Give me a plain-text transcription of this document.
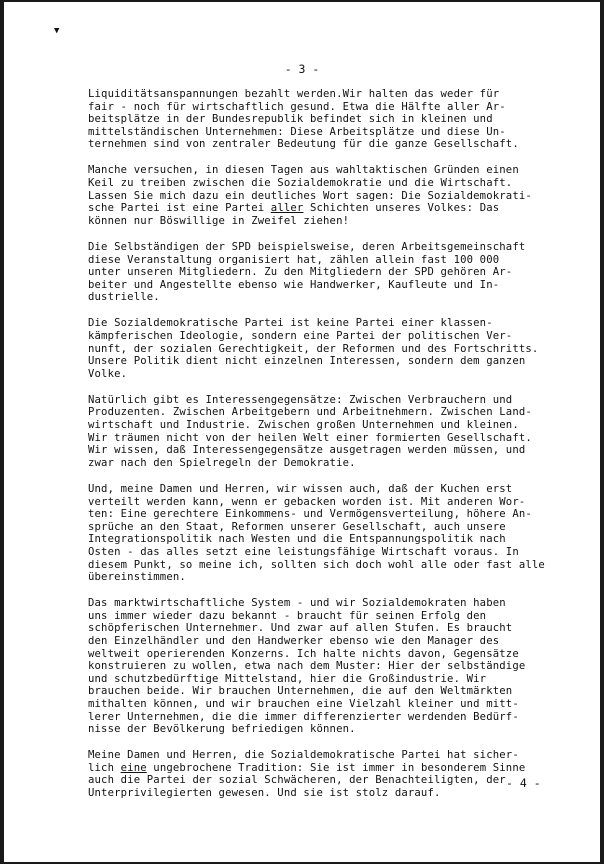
▼
- 3 -

Liquiditätsanspannungen bezahlt werden.Wir halten das weder für
fair - noch für wirtschaftlich gesund. Etwa die Hälfte aller Ar-
beitsplätze in der Bundesrepublik befindet sich in kleinen und
mittelständischen Unternehmen: Diese Arbeitsplätze und diese Un-
ternehmen sind von zentraler Bedeutung für die ganze Gesellschaft.

Manche versuchen, in diesen Tagen aus wahltaktischen Gründen einen
Keil zu treiben zwischen die Sozialdemokratie und die Wirtschaft.
Lassen Sie mich dazu ein deutliches Wort sagen: Die Sozialdemokrati-
sche Partei ist eine Partei aller Schichten unseres Volkes: Das
können nur Böswillige in Zweifel ziehen!

Die Selbständigen der SPD beispielsweise, deren Arbeitsgemeinschaft
diese Veranstaltung organisiert hat, zählen allein fast 100 000
unter unseren Mitgliedern. Zu den Mitgliedern der SPD gehören Ar-
beiter und Angestellte ebenso wie Handwerker, Kaufleute und In-
dustrielle.

Die Sozialdemokratische Partei ist keine Partei einer klassen-
kämpferischen Ideologie, sondern eine Partei der politischen Ver-
nunft, der sozialen Gerechtigkeit, der Reformen und des Fortschritts.
Unsere Politik dient nicht einzelnen Interessen, sondern dem ganzen
Volke.

Natürlich gibt es Interessengegensätze: Zwischen Verbrauchern und
Produzenten. Zwischen Arbeitgebern und Arbeitnehmern. Zwischen Land-
wirtschaft und Industrie. Zwischen großen Unternehmen und kleinen.
Wir träumen nicht von der heilen Welt einer formierten Gesellschaft.
Wir wissen, daß Interessengegensätze ausgetragen werden müssen, und
zwar nach den Spielregeln der Demokratie.

Und, meine Damen und Herren, wir wissen auch, daß der Kuchen erst
verteilt werden kann, wenn er gebacken worden ist. Mit anderen Wor-
ten: Eine gerechtere Einkommens- und Vermögensverteilung, höhere An-
sprüche an den Staat, Reformen unserer Gesellschaft, auch unsere
Integrationspolitik nach Westen und die Entspannungspolitik nach
Osten - das alles setzt eine leistungsfähige Wirtschaft voraus. In
diesem Punkt, so meine ich, sollten sich doch wohl alle oder fast alle
übereinstimmen.

Das marktwirtschaftliche System - und wir Sozialdemokraten haben
uns immer wieder dazu bekannt - braucht für seinen Erfolg den
schöpferischen Unternehmer. Und zwar auf allen Stufen. Es braucht
den Einzelhändler und den Handwerker ebenso wie den Manager des
weltweit operierenden Konzerns. Ich halte nichts davon, Gegensätze
konstruieren zu wollen, etwa nach dem Muster: Hier der selbständige
und schutzbedürftige Mittelstand, hier die Großindustrie. Wir
brauchen beide. Wir brauchen Unternehmen, die auf den Weltmärkten
mithalten können, und wir brauchen eine Vielzahl kleiner und mitt-
lerer Unternehmen, die die immer differenzierter werdenden Bedürf-
nisse der Bevölkerung befriedigen können.

Meine Damen und Herren, die Sozialdemokratische Partei hat sicher-
lich eine ungebrochene Tradition: Sie ist immer in besonderem Sinne
auch die Partei der sozial Schwächeren, der Benachteiligten, der
Unterprivilegierten gewesen. Und sie ist stolz darauf.

- 4 -
